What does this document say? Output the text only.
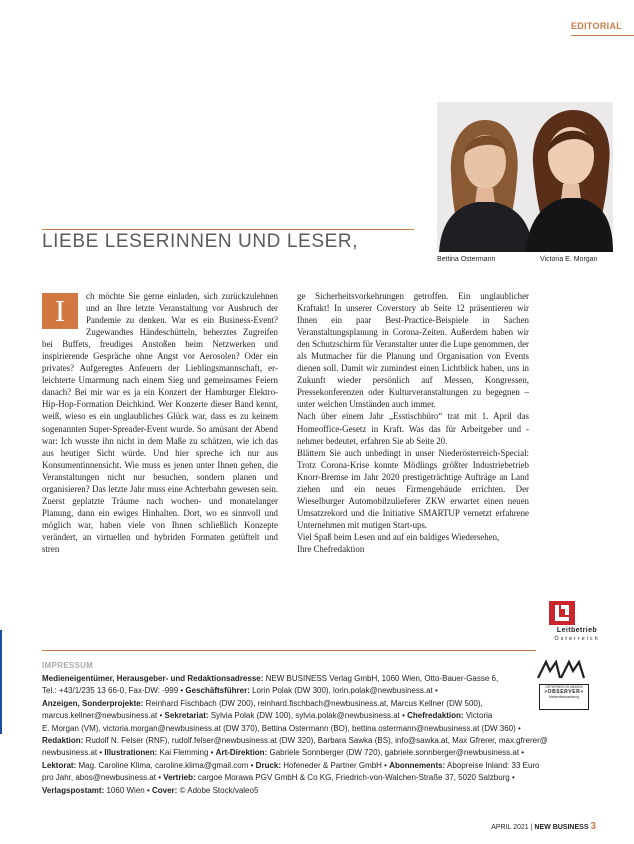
EDITORIAL
Bettina Ostermann	Victoria E. Morgan
LIEBE LESERINNEN UND LESER,
I	ch möchte Sie gerne einladen, sich zurückzulehnen und an Ihre letzte Veranstaltung vor Ausbruch der Pandemie zu denken. War es ein Business-Event? Zugewandtes Händeschütteln, beherztes Zugreifen bei Buffets, freudiges Anstoßen beim Netzwerken und inspirierende Gespräche ohne Angst vor Aerosolen? Oder ein privates? Aufgeregtes Anfeuern der Lieblingsmannschaft, erleichterte Umarmung nach einem Sieg und gemeinsames Feiern danach? Bei mir war es ja ein Konzert der Hamburger Elektro-Hip-Hop-Formation Deichkind. Wer Konzerte dieser Band kennt, weiß, wieso es ein unglaubliches Glück war, dass es zu keinem sogenannten Super-Spreader-Event wurde. So amüsant der Abend war: Ich wusste ihn nicht in dem Maße zu schätzen, wie ich das aus heutiger Sicht würde. Und hier spreche ich nur aus Konsumentinnensicht. Wie muss es jenen unter Ihnen gehen, die Veranstaltungen nicht nur besuchen, sondern planen und organisieren? Das letzte Jahr muss eine Achterbahn gewesen sein. Zuerst geplatzte Träume nach wochen- und monatelanger Planung, dann ein ewiges Hinhalten. Dort, wo es sinnvoll und möglich war, haben viele von Ihnen schließlich Konzepte verändert, an virtuellen und hybriden Formaten getüftelt und stren

ge Sicherheitsvorkehrungen getroffen. Ein unglaublicher Kraftakt! In unserer Coverstory ab Seite 12 präsentieren wir Ihnen ein paar Best-Practice-Beispiele in Sachen Veranstaltungsplanung in Corona-Zeiten. Außerdem haben wir den Schutzschirm für Veranstalter unter die Lupe genommen, der als Mutmacher für die Planung und Organisation von Events dienen soll. Damit wir zumindest einen Lichtblick haben, uns in Zukunft wieder persönlich auf Messen, Kongressen, Pressekonferenzen oder Kulturveranstaltungen zu begegnen – unter welchen Umständen auch immer.

Nach über einem Jahr „Esstischbüro“ trat mit 1. April das Homeoffice-Gesetz in Kraft. Was das für Arbeitgeber und -nehmer bedeutet, erfahren Sie ab Seite 20.

Blättern Sie auch unbedingt in unser Niederösterreich-Special: Trotz Corona-Krise konnte Mödlings größter Industriebetrieb Knorr-Bremse im Jahr 2020 prestigeträchtige Aufträge an Land ziehen und ein neues Firmengebäude errichten. Der Wieselburger Automobilzulieferer ZKW erwartet einen neuen Umsatzrekord und die Initiative SMARTUP vernetzt erfahrene Unternehmen mit mutigen Start-ups.

Viel Spaß beim Lesen und auf ein baldiges Wiedersehen,

Ihre Chefredaktion

Leitbetrieb
Österreich
ÖSTERREICHS MEDIEN
»OBSERVER«
Medienbeobachtung
IMPRESSUM

Medieneigentümer, Herausgeber- und Redaktionsadresse: NEW BUSINESS Verlag GmbH, 1060 Wien, Otto-Bauer-Gasse 6,

Tel.: +43/1/235 13 66-0, Fax-DW: -999 • Geschäftsführer: Lorin Polak (DW 300), lorin.polak@newbusiness.at •

Anzeigen, Sonderprojekte: Reinhard Fischbach (DW 200), reinhard.fischbach@newbusiness.at, Marcus Kellner (DW 500),

marcus.kellner@newbusiness.at • Sekretariat: Sylvia Polak (DW 100), sylvia.polak@newbusiness.at • Chefredaktion: Victoria

E. Morgan (VM), victoria.morgan@newbusiness.at (DW 370), Bettina Ostermann (BO), bettina.ostermann@newbusiness.at (DW 360) •

Redaktion: Rudolf N. Felser (RNF), rudolf.felser@newbusiness.at (DW 320), Barbara Sawka (BS), info@sawka.at, Max Gfrerer, max.gfrerer@

newbusiness.at • Illustrationen: Kai Flemming • Art-Direktion: Gabriele Sonnberger (DW 720), gabriele.sonnberger@newbusiness.at •

Lektorat: Mag. Caroline Klima, caroline.klima@gmail.com • Druck: Hofeneder & Partner GmbH • Abonnements: Abopreise Inland: 33 Euro

pro Jahr, abos@newbusiness.at • Vertrieb: cargoe Morawa PGV GmbH & Co KG, Friedrich-von-Walchen-Straße 37, 5020 Salzburg •

Verlagspostamt: 1060 Wien • Cover: © Adobe Stock/valeo5

APRIL 2021 | NEW BUSINESS 3
